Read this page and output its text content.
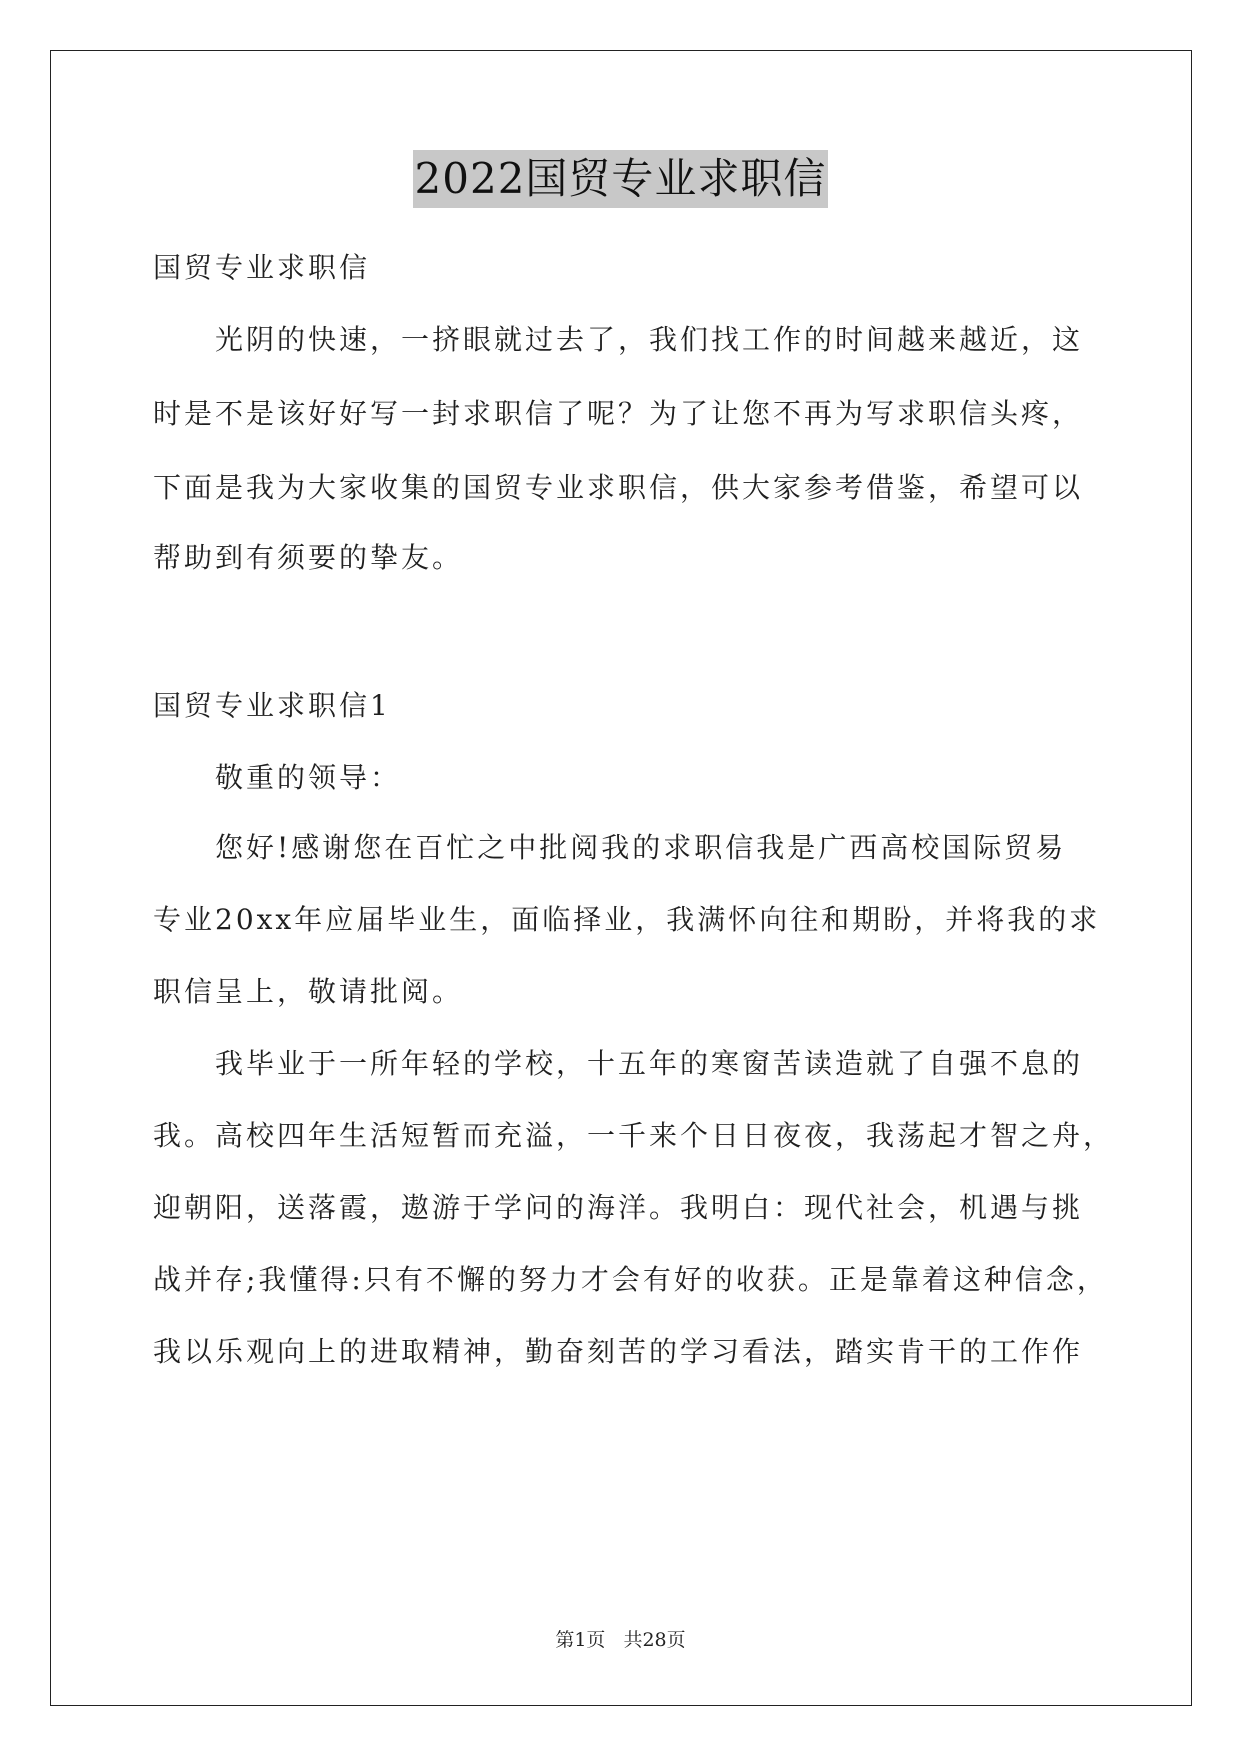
2022国贸专业求职信
国贸专业求职信
光阴的快速，一挤眼就过去了，我们找工作的时间越来越近，这
时是不是该好好写一封求职信了呢？为了让您不再为写求职信头疼，
下面是我为大家收集的国贸专业求职信，供大家参考借鉴，希望可以
帮助到有须要的挚友。
国贸专业求职信1
敬重的领导：
您好!感谢您在百忙之中批阅我的求职信我是广西高校国际贸易
专业20xx年应届毕业生，面临择业，我满怀向往和期盼，并将我的求
职信呈上，敬请批阅。
我毕业于一所年轻的学校，十五年的寒窗苦读造就了自强不息的
我。高校四年生活短暂而充溢，一千来个日日夜夜，我荡起才智之舟，
迎朝阳，送落霞，遨游于学问的海洋。我明白：现代社会，机遇与挑
战并存;我懂得:只有不懈的努力才会有好的收获。正是靠着这种信念，
我以乐观向上的进取精神，勤奋刻苦的学习看法，踏实肯干的工作作
第1页 共28页
